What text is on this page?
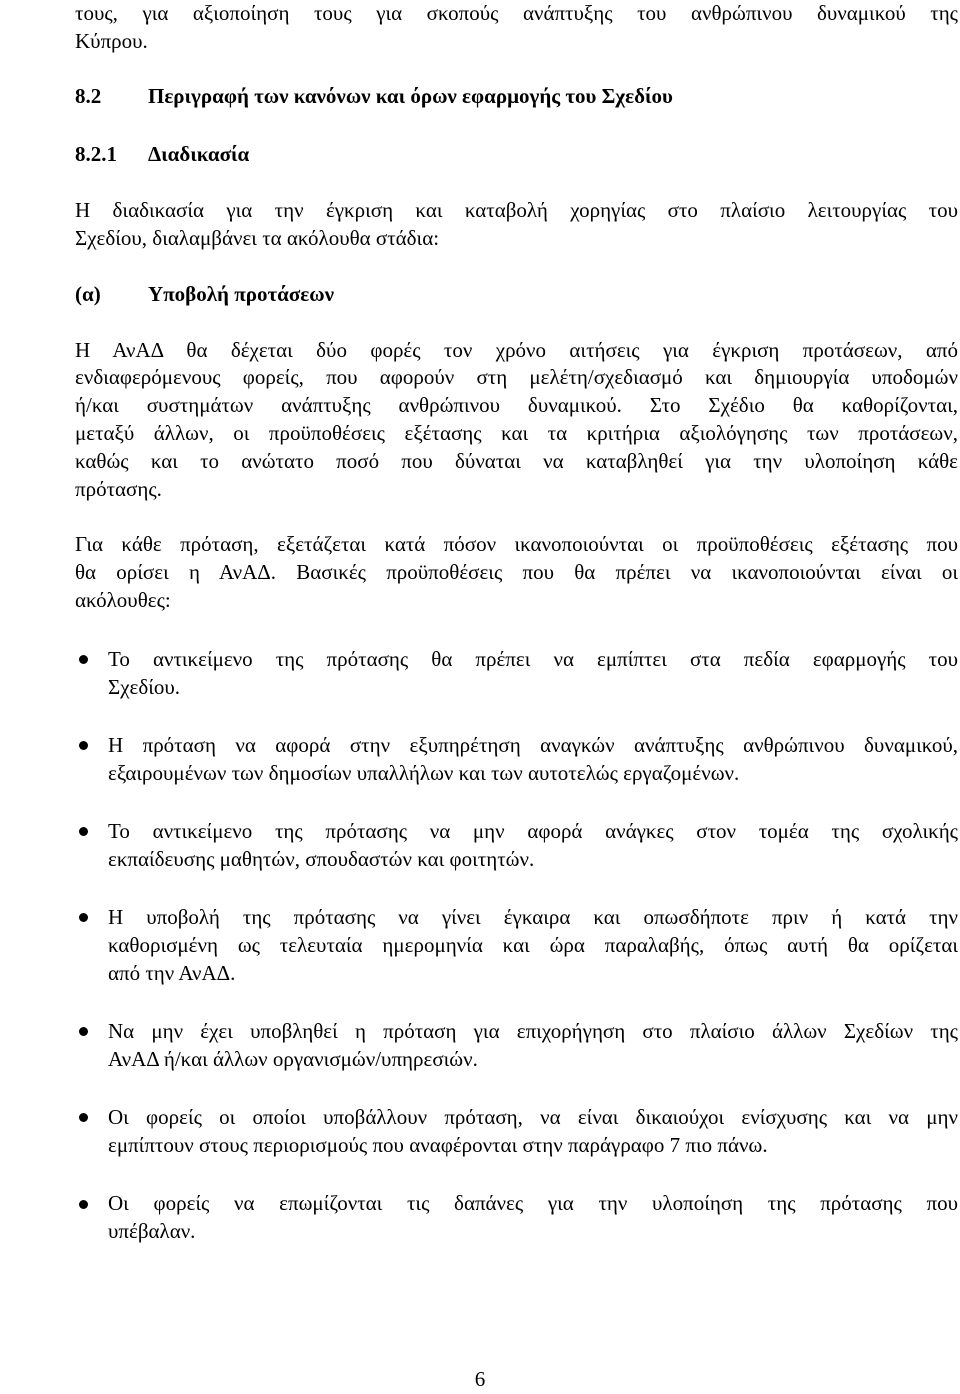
τους, για αξιοποίηση τους για σκοπούς ανάπτυξης του ανθρώπινου δυναμικού της
Κύπρου.
8.2	Περιγραφή των κανόνων και όρων εφαρμογής του Σχεδίου
8.2.1	Διαδικασία
Η διαδικασία για την έγκριση και καταβολή χορηγίας στο πλαίσιο λειτουργίας του
Σχεδίου, διαλαμβάνει τα ακόλουθα στάδια:
(α)	Υποβολή προτάσεων
Η ΑνΑΔ θα δέχεται δύο φορές τον χρόνο αιτήσεις για έγκριση προτάσεων, από
ενδιαφερόμενους φορείς, που αφορούν στη μελέτη/σχεδιασμό και δημιουργία υποδομών
ή/και συστημάτων ανάπτυξης ανθρώπινου δυναμικού. Στο Σχέδιο θα καθορίζονται,
μεταξύ άλλων, οι προϋποθέσεις εξέτασης και τα κριτήρια αξιολόγησης των προτάσεων,
καθώς και το ανώτατο ποσό που δύναται να καταβληθεί για την υλοποίηση κάθε
πρότασης.
Για κάθε πρόταση, εξετάζεται κατά πόσον ικανοποιούνται οι προϋποθέσεις εξέτασης που
θα ορίσει η ΑνΑΔ. Βασικές προϋποθέσεις που θα πρέπει να ικανοποιούνται είναι οι
ακόλουθες:
Το αντικείμενο της πρότασης θα πρέπει να εμπίπτει στα πεδία εφαρμογής του
Σχεδίου.
Η πρόταση να αφορά στην εξυπηρέτηση αναγκών ανάπτυξης ανθρώπινου δυναμικού,
εξαιρουμένων των δημοσίων υπαλλήλων και των αυτοτελώς εργαζομένων.
Το αντικείμενο της πρότασης να μην αφορά ανάγκες στον τομέα της σχολικής
εκπαίδευσης μαθητών, σπουδαστών και φοιτητών.
Η υποβολή της πρότασης να γίνει έγκαιρα και οπωσδήποτε πριν ή κατά την
καθορισμένη ως τελευταία ημερομηνία και ώρα παραλαβής, όπως αυτή θα ορίζεται
από την ΑνΑΔ.
Να μην έχει υποβληθεί η πρόταση για επιχορήγηση στο πλαίσιο άλλων Σχεδίων της
ΑνΑΔ ή/και άλλων οργανισμών/υπηρεσιών.
Οι φορείς οι οποίοι υποβάλλουν πρόταση, να είναι δικαιούχοι ενίσχυσης και να μην
εμπίπτουν στους περιορισμούς που αναφέρονται στην παράγραφο 7 πιο πάνω.
Οι φορείς να επωμίζονται τις δαπάνες για την υλοποίηση της πρότασης που
υπέβαλαν.
6
